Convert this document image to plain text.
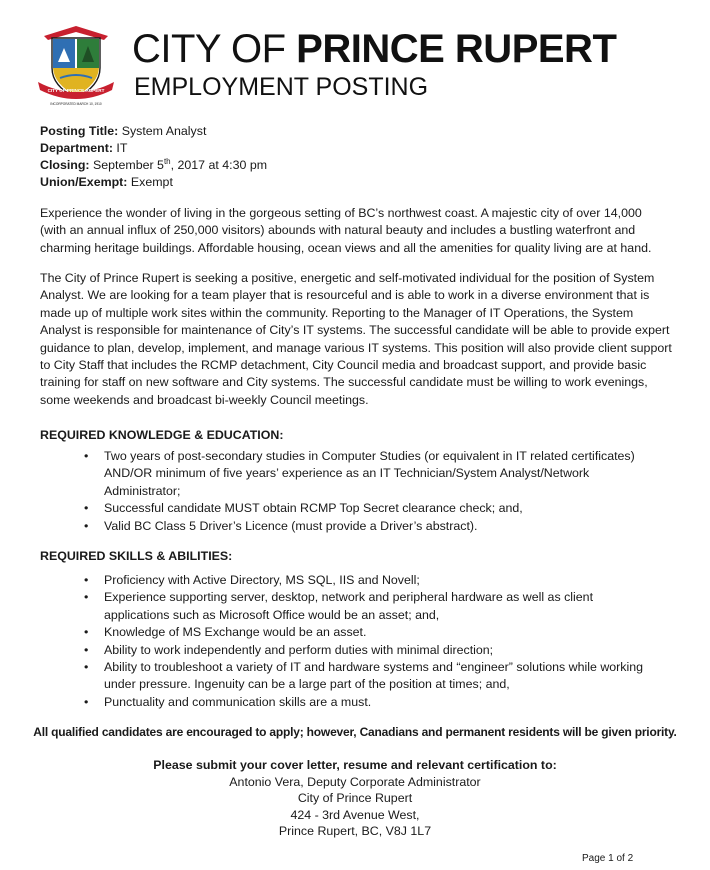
CITY OF PRINCE RUPERT
INCORPORATED MARCH 10, 1910
CITY OF PRINCE RUPERT
EMPLOYMENT POSTING
Posting Title: System Analyst
Department: IT
Closing: September 5th, 2017 at 4:30 pm
Union/Exempt: Exempt
Experience the wonder of living in the gorgeous setting of BC’s northwest coast. A majestic city of over 14,000
(with an annual influx of 250,000 visitors) abounds with natural beauty and includes a bustling waterfront and
charming heritage buildings. Affordable housing, ocean views and all the amenities for quality living are at hand.
The City of Prince Rupert is seeking a positive, energetic and self-motivated individual for the position of System
Analyst. We are looking for a team player that is resourceful and is able to work in a diverse environment that is
made up of multiple work sites within the community. Reporting to the Manager of IT Operations, the System
Analyst is responsible for maintenance of City’s IT systems. The successful candidate will be able to provide expert
guidance to plan, develop, implement, and manage various IT systems. This position will also provide client support
to City Staff that includes the RCMP detachment, City Council media and broadcast support, and provide basic
training for staff on new software and City systems. The successful candidate must be willing to work evenings,
some weekends and broadcast bi-weekly Council meetings.
REQUIRED KNOWLEDGE & EDUCATION:
• Two years of post-secondary studies in Computer Studies (or equivalent in IT related certificates)
AND/OR minimum of five years’ experience as an IT Technician/System Analyst/Network
Administrator;
• Successful candidate MUST obtain RCMP Top Secret clearance check; and,
• Valid BC Class 5 Driver’s Licence (must provide a Driver’s abstract).
REQUIRED SKILLS & ABILITIES:
• Proficiency with Active Directory, MS SQL, IIS and Novell;
• Experience supporting server, desktop, network and peripheral hardware as well as client
applications such as Microsoft Office would be an asset; and,
• Knowledge of MS Exchange would be an asset.
• Ability to work independently and perform duties with minimal direction;
• Ability to troubleshoot a variety of IT and hardware systems and “engineer” solutions while working
under pressure. Ingenuity can be a large part of the position at times; and,
• Punctuality and communication skills are a must.
All qualified candidates are encouraged to apply; however, Canadians and permanent residents will be given priority.
Please submit your cover letter, resume and relevant certification to:
Antonio Vera, Deputy Corporate Administrator
City of Prince Rupert
424 - 3rd Avenue West,
Prince Rupert, BC, V8J 1L7
Page 1 of 2
